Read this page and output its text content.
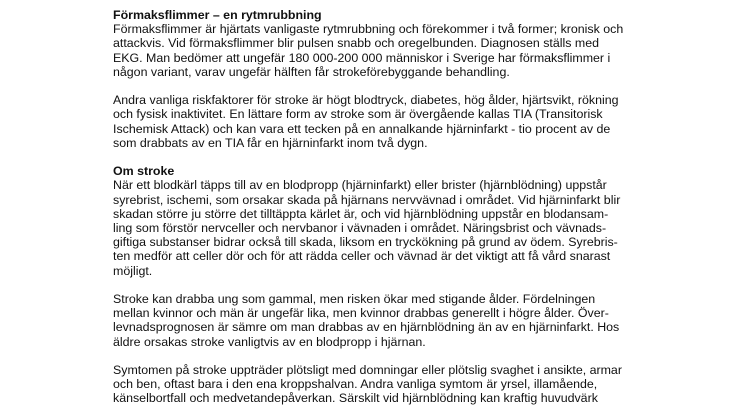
Förmaksflimmer – en rytmrubbning
Förmaksflimmer är hjärtats vanligaste rytmrubbning och förekommer i två former; kronisk och
attackvis. Vid förmaksflimmer blir pulsen snabb och oregelbunden. Diagnosen ställs med
EKG. Man bedömer att ungefär 180 000-200 000 människor i Sverige har förmaksflimmer i
någon variant, varav ungefär hälften får strokeförebyggande behandling.
Andra vanliga riskfaktorer för stroke är högt blodtryck, diabetes, hög ålder, hjärtsvikt, rökning
och fysisk inaktivitet. En lättare form av stroke som är övergående kallas TIA (Transitorisk
Ischemisk Attack) och kan vara ett tecken på en annalkande hjärninfarkt - tio procent av de
som drabbats av en TIA får en hjärninfarkt inom två dygn.
Om stroke
När ett blodkärl täpps till av en blodpropp (hjärninfarkt) eller brister (hjärnblödning) uppstår
syrebrist, ischemi, som orsakar skada på hjärnans nervvävnad i området. Vid hjärninfarkt blir
skadan större ju större det tilltäppta kärlet är, och vid hjärnblödning uppstår en blodansam-
ling som förstör nervceller och nervbanor i vävnaden i området. Näringsbrist och vävnads-
giftiga substanser bidrar också till skada, liksom en tryckökning på grund av ödem. Syrebris-
ten medför att celler dör och för att rädda celler och vävnad är det viktigt att få vård snarast
möjligt.
Stroke kan drabba ung som gammal, men risken ökar med stigande ålder. Fördelningen
mellan kvinnor och män är ungefär lika, men kvinnor drabbas generellt i högre ålder. Över-
levnadsprognosen är sämre om man drabbas av en hjärnblödning än av en hjärninfarkt. Hos
äldre orsakas stroke vanligtvis av en blodpropp i hjärnan.
Symtomen på stroke uppträder plötsligt med domningar eller plötslig svaghet i ansikte, armar
och ben, oftast bara i den ena kroppshalvan. Andra vanliga symtom är yrsel, illamående,
känselbortfall och medvetandepåverkan. Särskilt vid hjärnblödning kan kraftig huvudvärk
